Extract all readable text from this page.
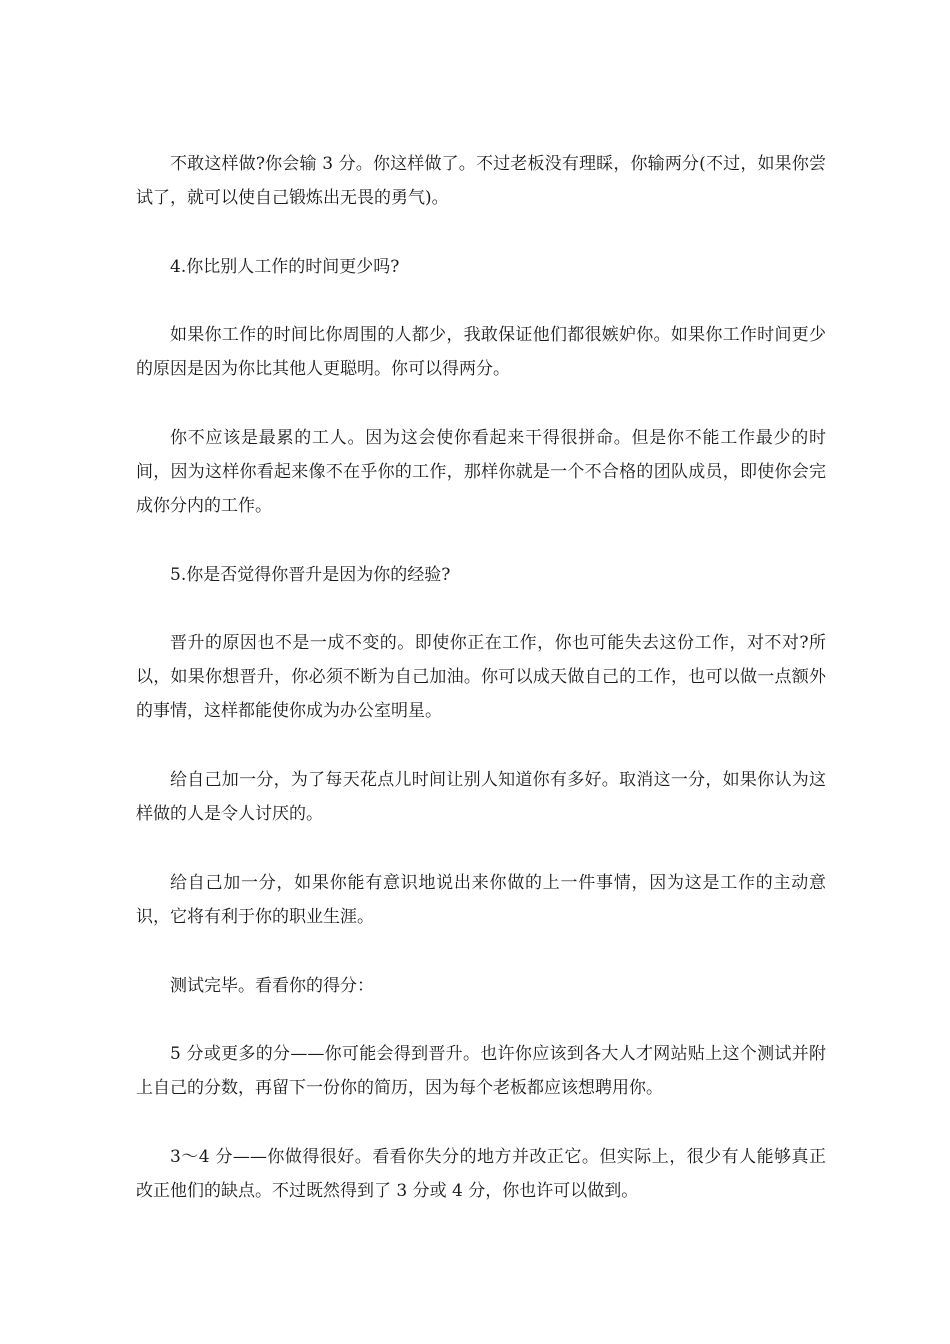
不敢这样做?你会输 3 分。你这样做了。不过老板没有理睬，你输两分(不过，如果你尝试了，就可以使自己锻炼出无畏的勇气)。

4.你比别人工作的时间更少吗?

如果你工作的时间比你周围的人都少，我敢保证他们都很嫉妒你。如果你工作时间更少的原因是因为你比其他人更聪明。你可以得两分。

你不应该是最累的工人。因为这会使你看起来干得很拼命。但是你不能工作最少的时间，因为这样你看起来像不在乎你的工作，那样你就是一个不合格的团队成员，即使你会完成你分内的工作。

5.你是否觉得你晋升是因为你的经验?

晋升的原因也不是一成不变的。即使你正在工作，你也可能失去这份工作，对不对?所以，如果你想晋升，你必须不断为自己加油。你可以成天做自己的工作，也可以做一点额外的事情，这样都能使你成为办公室明星。

给自己加一分，为了每天花点儿时间让别人知道你有多好。取消这一分，如果你认为这样做的人是令人讨厌的。

给自己加一分，如果你能有意识地说出来你做的上一件事情，因为这是工作的主动意识，它将有利于你的职业生涯。

测试完毕。看看你的得分：

5 分或更多的分——你可能会得到晋升。也许你应该到各大人才网站贴上这个测试并附上自己的分数，再留下一份你的简历，因为每个老板都应该想聘用你。

3～4 分——你做得很好。看看你失分的地方并改正它。但实际上，很少有人能够真正改正他们的缺点。不过既然得到了 3 分或 4 分，你也许可以做到。
